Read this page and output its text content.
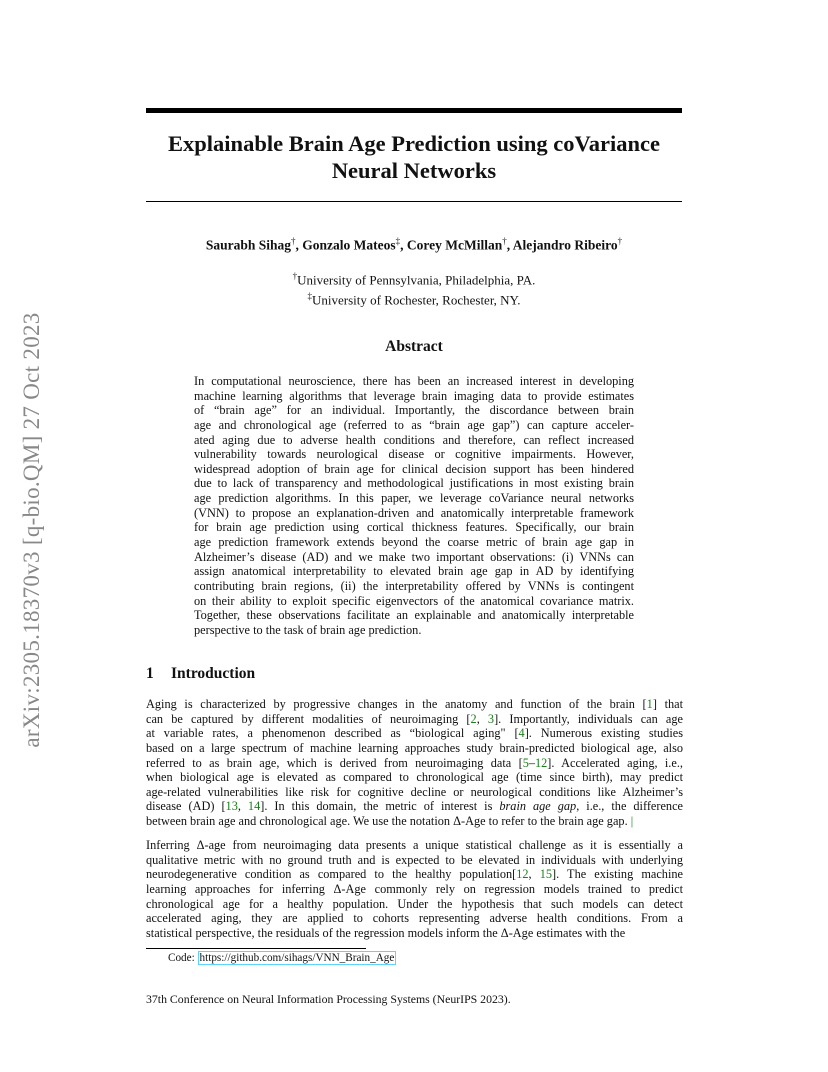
arXiv:2305.18370v3 [q-bio.QM] 27 Oct 2023
Explainable Brain Age Prediction using coVariance
Neural Networks
Saurabh Sihag†, Gonzalo Mateos‡, Corey McMillan†, Alejandro Ribeiro†
†University of Pennsylvania, Philadelphia, PA.
‡University of Rochester, Rochester, NY.
Abstract
In computational neuroscience, there has been an increased interest in developing
machine learning algorithms that leverage brain imaging data to provide estimates
of “brain age” for an individual. Importantly, the discordance between brain
age and chronological age (referred to as “brain age gap”) can capture acceler-
ated aging due to adverse health conditions and therefore, can reflect increased
vulnerability towards neurological disease or cognitive impairments. However,
widespread adoption of brain age for clinical decision support has been hindered
due to lack of transparency and methodological justifications in most existing brain
age prediction algorithms. In this paper, we leverage coVariance neural networks
(VNN) to propose an explanation-driven and anatomically interpretable framework
for brain age prediction using cortical thickness features. Specifically, our brain
age prediction framework extends beyond the coarse metric of brain age gap in
Alzheimer’s disease (AD) and we make two important observations: (i) VNNs can
assign anatomical interpretability to elevated brain age gap in AD by identifying
contributing brain regions, (ii) the interpretability offered by VNNs is contingent
on their ability to exploit specific eigenvectors of the anatomical covariance matrix.
Together, these observations facilitate an explainable and anatomically interpretable
perspective to the task of brain age prediction.
1 Introduction
Aging is characterized by progressive changes in the anatomy and function of the brain [1] that
can be captured by different modalities of neuroimaging [2, 3]. Importantly, individuals can age
at variable rates, a phenomenon described as “biological aging" [4]. Numerous existing studies
based on a large spectrum of machine learning approaches study brain-predicted biological age, also
referred to as brain age, which is derived from neuroimaging data [5–12]. Accelerated aging, i.e.,
when biological age is elevated as compared to chronological age (time since birth), may predict
age-related vulnerabilities like risk for cognitive decline or neurological conditions like Alzheimer’s
disease (AD) [13, 14]. In this domain, the metric of interest is brain age gap, i.e., the difference
between brain age and chronological age. We use the notation Δ-Age to refer to the brain age gap. |
Inferring Δ-age from neuroimaging data presents a unique statistical challenge as it is essentially a
qualitative metric with no ground truth and is expected to be elevated in individuals with underlying
neurodegenerative condition as compared to the healthy population[12, 15]. The existing machine
learning approaches for inferring Δ-Age commonly rely on regression models trained to predict
chronological age for a healthy population. Under the hypothesis that such models can detect
accelerated aging, they are applied to cohorts representing adverse health conditions. From a
statistical perspective, the residuals of the regression models inform the Δ-Age estimates with the
Code: https://github.com/sihags/VNN_Brain_Age
37th Conference on Neural Information Processing Systems (NeurIPS 2023).
